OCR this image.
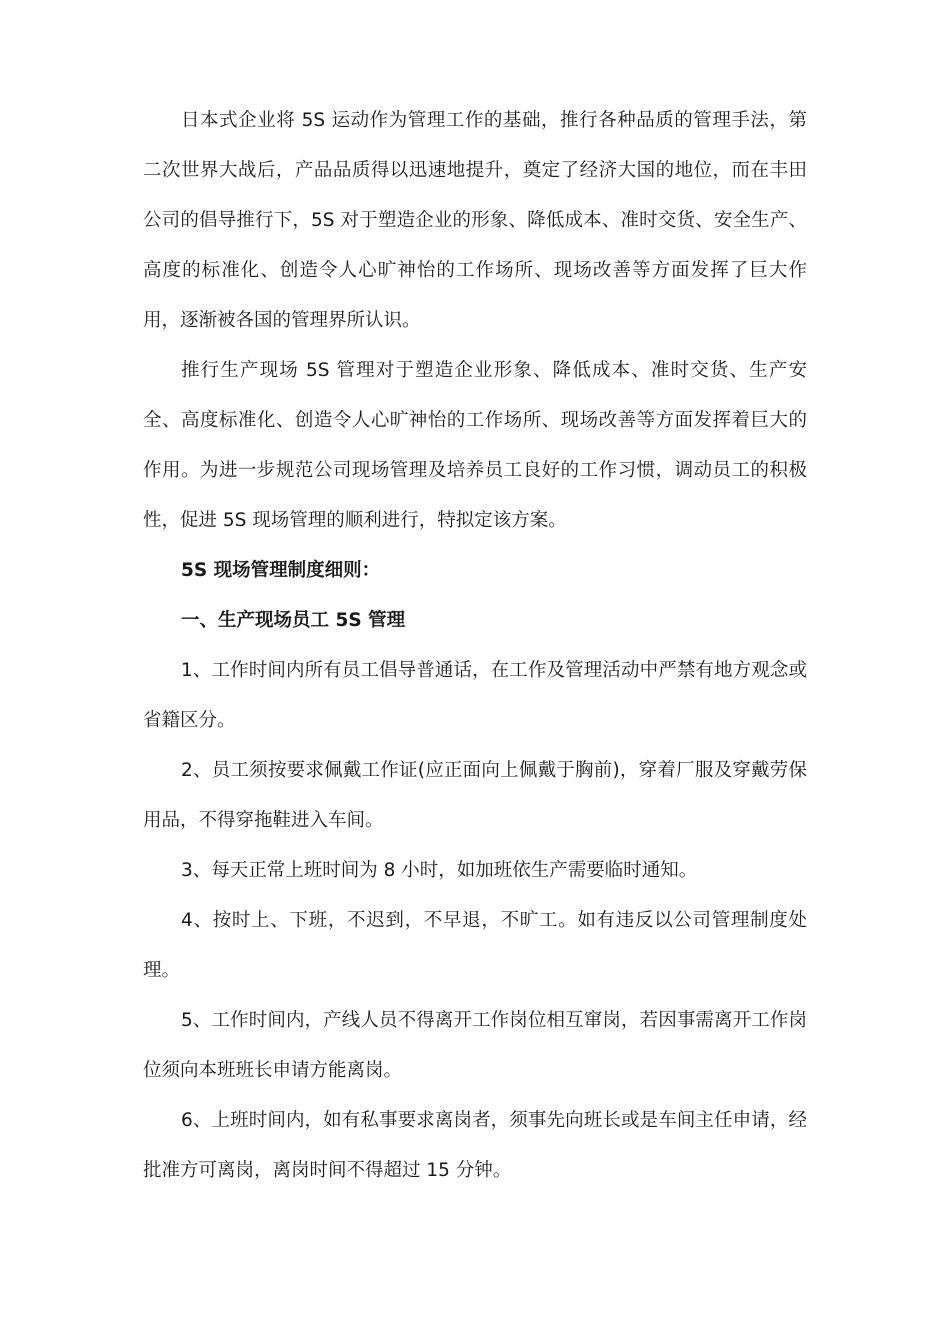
日本式企业将 5S 运动作为管理工作的基础，推行各种品质的管理手法，第二次世界大战后，产品品质得以迅速地提升，奠定了经济大国的地位，而在丰田公司的倡导推行下，5S 对于塑造企业的形象、降低成本、准时交货、安全生产、高度的标准化、创造令人心旷神怡的工作场所、现场改善等方面发挥了巨大作用，逐渐被各国的管理界所认识。

推行生产现场 5S 管理对于塑造企业形象、降低成本、准时交货、生产安全、高度标准化、创造令人心旷神怡的工作场所、现场改善等方面发挥着巨大的作用。为进一步规范公司现场管理及培养员工良好的工作习惯，调动员工的积极性，促进 5S 现场管理的顺利进行，特拟定该方案。

5S 现场管理制度细则：

一、生产现场员工 5S 管理

1、工作时间内所有员工倡导普通话，在工作及管理活动中严禁有地方观念或省籍区分。

2、员工须按要求佩戴工作证(应正面向上佩戴于胸前)，穿着厂服及穿戴劳保用品，不得穿拖鞋进入车间。

3、每天正常上班时间为 8 小时，如加班依生产需要临时通知。

4、按时上、下班，不迟到，不早退，不旷工。如有违反以公司管理制度处理。

5、工作时间内，产线人员不得离开工作岗位相互窜岗，若因事需离开工作岗位须向本班班长申请方能离岗。

6、上班时间内，如有私事要求离岗者，须事先向班长或是车间主任申请，经批准方可离岗，离岗时间不得超过 15 分钟。
